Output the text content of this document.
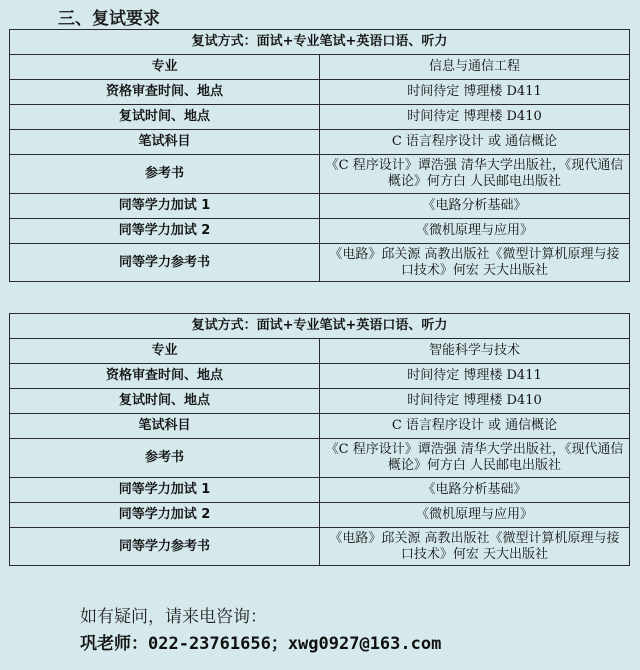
三、复试要求
复试方式：面试+专业笔试+英语口语、听力	
专业	信息与通信工程
资格审查时间、地点	时间待定 博理楼 D411
复试时间、地点	时间待定 博理楼 D410
笔试科目	C 语言程序设计 或 通信概论
参考书	《C 程序设计》谭浩强 清华大学出版社，《现代通信概论》何方白 人民邮电出版社
同等学力加试 1	《电路分析基础》
同等学力加试 2	《微机原理与应用》
同等学力参考书	《电路》邱关源 高教出版社《微型计算机原理与接口技术》何宏 天大出版社
复试方式：面试+专业笔试+英语口语、听力	
专业	智能科学与技术
资格审查时间、地点	时间待定 博理楼 D411
复试时间、地点	时间待定 博理楼 D410
笔试科目	C 语言程序设计 或 通信概论
参考书	《C 程序设计》谭浩强 清华大学出版社，《现代通信概论》何方白 人民邮电出版社
同等学力加试 1	《电路分析基础》
同等学力加试 2	《微机原理与应用》
同等学力参考书	《电路》邱关源 高教出版社《微型计算机原理与接口技术》何宏 天大出版社
如有疑问，请来电咨询：
巩老师：022-23761656；xwg0927@163.com
